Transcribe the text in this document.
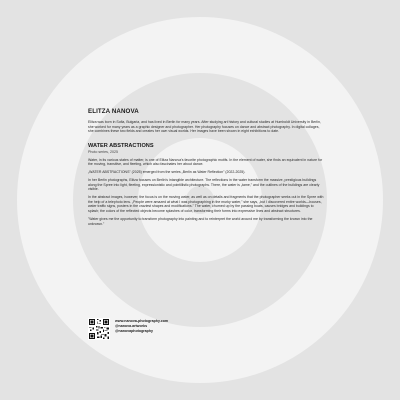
ELITZA NANOVA

Elitza was born in Sofia, Bulgaria, and has lived in Berlin for many years. After studying art history and cultural studies at Humboldt University in Berlin, she worked for many years as a graphic designer and photographer. Her photography focuses on dance and abstract photography. In digital collages, she combines these two fields and creates her own visual worlds. Her images have been shown in eight exhibitions to date.

WATER ABSTRACTIONS
Photo series, 2025

Water, in its various states of matter, is one of Elitza Nanova's favorite photographic motifs. In the element of water, she finds an equivalent in nature for the moving, transitive, and fleeting, which also fascinates her about dance.

„WATER ABSTRACTIONS" (2025) emerged from the series „Berlin as Water Reflection" (2022-2025).

In her Berlin photographs, Elitza focuses on Berlin's intangible architecture. The reflections in the water transform the massive, prestigious buildings along the Spree into light, fleeting, expressionistic and pointillistic photographs. There, the water is „tame," and the outlines of the buildings are clearly visible.

In the abstract images, however, the focus is on the moving water, as well as on details and fragments that the photographer seeks out in the Spree with the help of a telephoto lens. „People were amazed at what I was photographing in the murky water," she says, „but I discovered entire worlds—houses, water traffic signs, posters in the craziest shapes and modifications." The water, churned up by the passing boats, causes bridges and buildings to splash; the colors of the reflected objects become splashes of color, transforming their forms into expressive lines and abstract structures.

"Water gives me the opportunity to transform photography into painting and to reinterpret the world around me by transforming the known into the unknown."

www.nanova-photography.com
@nanova.artworks
@nanovaphotography
